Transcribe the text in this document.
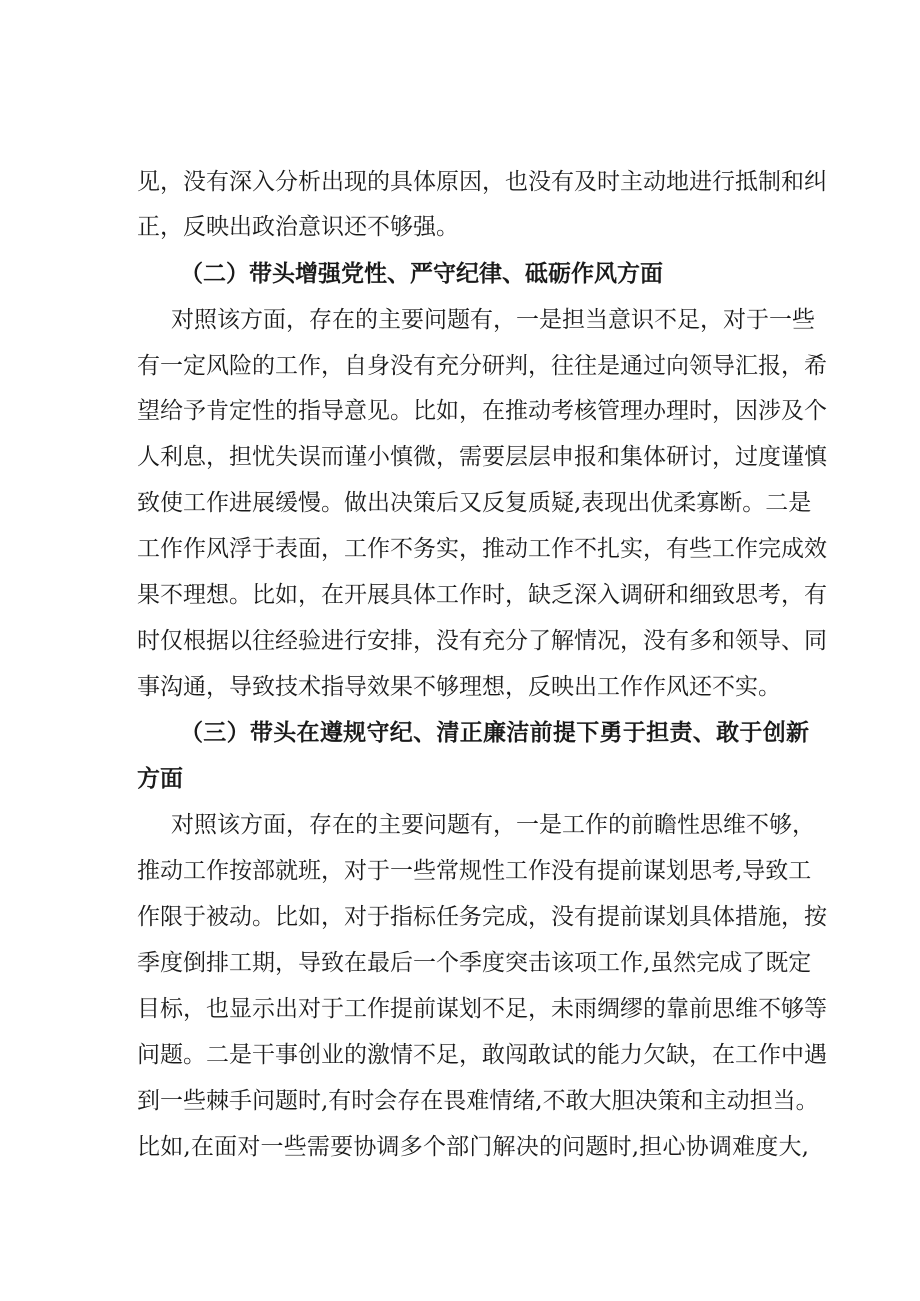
见，没有深入分析出现的具体原因，也没有及时主动地进行抵制和纠
正，反映出政治意识还不够强。
（二）带头增强党性、严守纪律、砥砺作风方面
对照该方面，存在的主要问题有，一是担当意识不足，对于一些
有一定风险的工作，自身没有充分研判，往往是通过向领导汇报，希
望给予肯定性的指导意见。比如，在推动考核管理办理时，因涉及个
人利息，担忧失误而谨小慎微，需要层层申报和集体研讨，过度谨慎
致使工作进展缓慢。做出决策后又反复质疑,表现出优柔寡断。二是
工作作风浮于表面，工作不务实，推动工作不扎实，有些工作完成效
果不理想。比如，在开展具体工作时，缺乏深入调研和细致思考，有
时仅根据以往经验进行安排，没有充分了解情况，没有多和领导、同
事沟通，导致技术指导效果不够理想，反映出工作作风还不实。
（三）带头在遵规守纪、清正廉洁前提下勇于担责、敢于创新
方面
对照该方面，存在的主要问题有，一是工作的前瞻性思维不够，
推动工作按部就班，对于一些常规性工作没有提前谋划思考,导致工
作限于被动。比如，对于指标任务完成，没有提前谋划具体措施，按
季度倒排工期，导致在最后一个季度突击该项工作,虽然完成了既定
目标，也显示出对于工作提前谋划不足，未雨绸缪的靠前思维不够等
问题。二是干事创业的激情不足，敢闯敢试的能力欠缺，在工作中遇
到一些棘手问题时,有时会存在畏难情绪,不敢大胆决策和主动担当。
比如,在面对一些需要协调多个部门解决的问题时,担心协调难度大,
